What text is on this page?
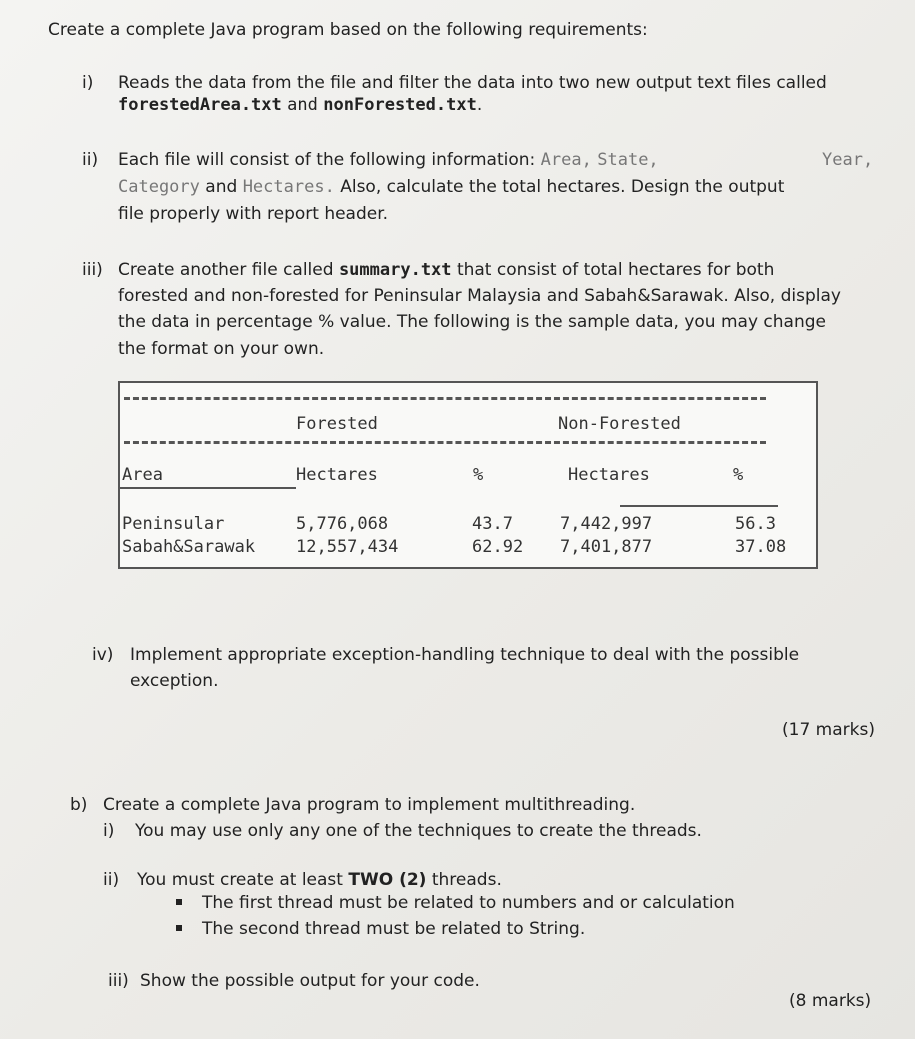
Create a complete Java program based on the following requirements:
i) Reads the data from the file and filter the data into two new output text files called
forestedArea.txt and nonForested.txt.
ii) Each file will consist of the following information: Area, State,	Year,
Category and Hectares. Also, calculate the total hectares. Design the output
file properly with report header.
iii) Create another file called summary.txt that consist of total hectares for both
forested and non-forested for Peninsular Malaysia and Sabah&Sarawak. Also, display
the data in percentage % value. The following is the sample data, you may change
the format on your own.
Forested	Non-Forested
Area	Hectares	%	Hectares	%
Peninsular	5,776,068	43.7	7,442,997	56.3
Sabah&Sarawak 12,557,434	62.92 7,401,877	37.08
iv) Implement appropriate exception-handling technique to deal with the possible
exception.
(17 marks)
b) Create a complete Java program to implement multithreading.
i) You may use only any one of the techniques to create the threads.
ii) You must create at least TWO (2) threads.
The first thread must be related to numbers and or calculation
The second thread must be related to String.
iii) Show the possible output for your code.
(8 marks)
